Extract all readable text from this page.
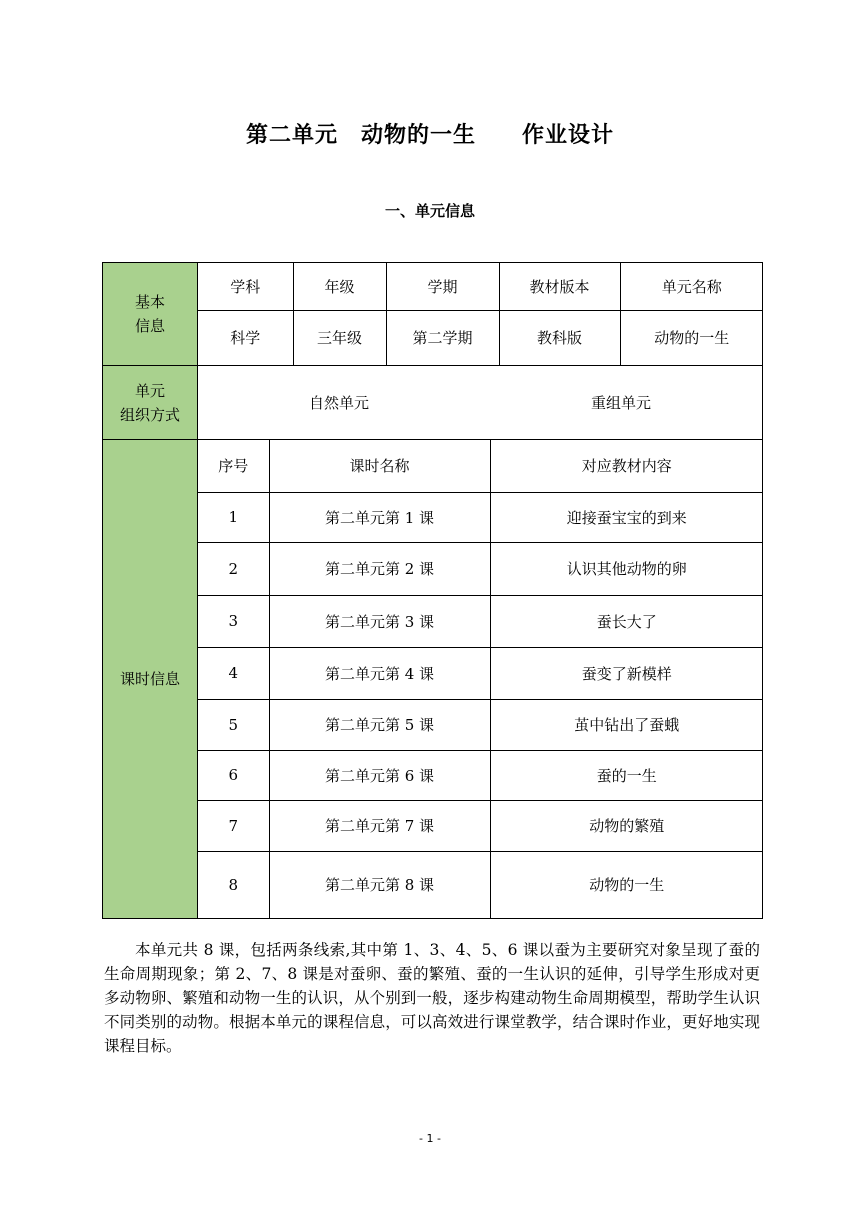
第二单元　动物的一生　　作业设计
一、单元信息
基本
信息	
学科	年级	学期	教材版本	单元名称
科学	三年级	第二学期	教科版	动物的一生

单元
组织方式	
自然单元	重组单元

课时信息	
序号	课时名称	对应教材内容
1	第二单元第 1 课	迎接蚕宝宝的到来
2	第二单元第 2 课	认识其他动物的卵
3	第二单元第 3 课	蚕长大了
4	第二单元第 4 课	蚕变了新模样
5	第二单元第 5 课	茧中钻出了蚕蛾
6	第二单元第 6 课	蚕的一生
7	第二单元第 7 课	动物的繁殖
8	第二单元第 8 课	动物的一生
本单元共 8 课，包括两条线索,其中第 1、3、4、5、6 课以蚕为主要研究对象呈现了蚕的生命周期现象；第 2、7、8 课是对蚕卵、蚕的繁殖、蚕的一生认识的延伸，引导学生形成对更多动物卵、繁殖和动物一生的认识，从个别到一般，逐步构建动物生命周期模型，帮助学生认识不同类别的动物。根据本单元的课程信息，可以高效进行课堂教学，结合课时作业，更好地实现课程目标。
- 1 -
